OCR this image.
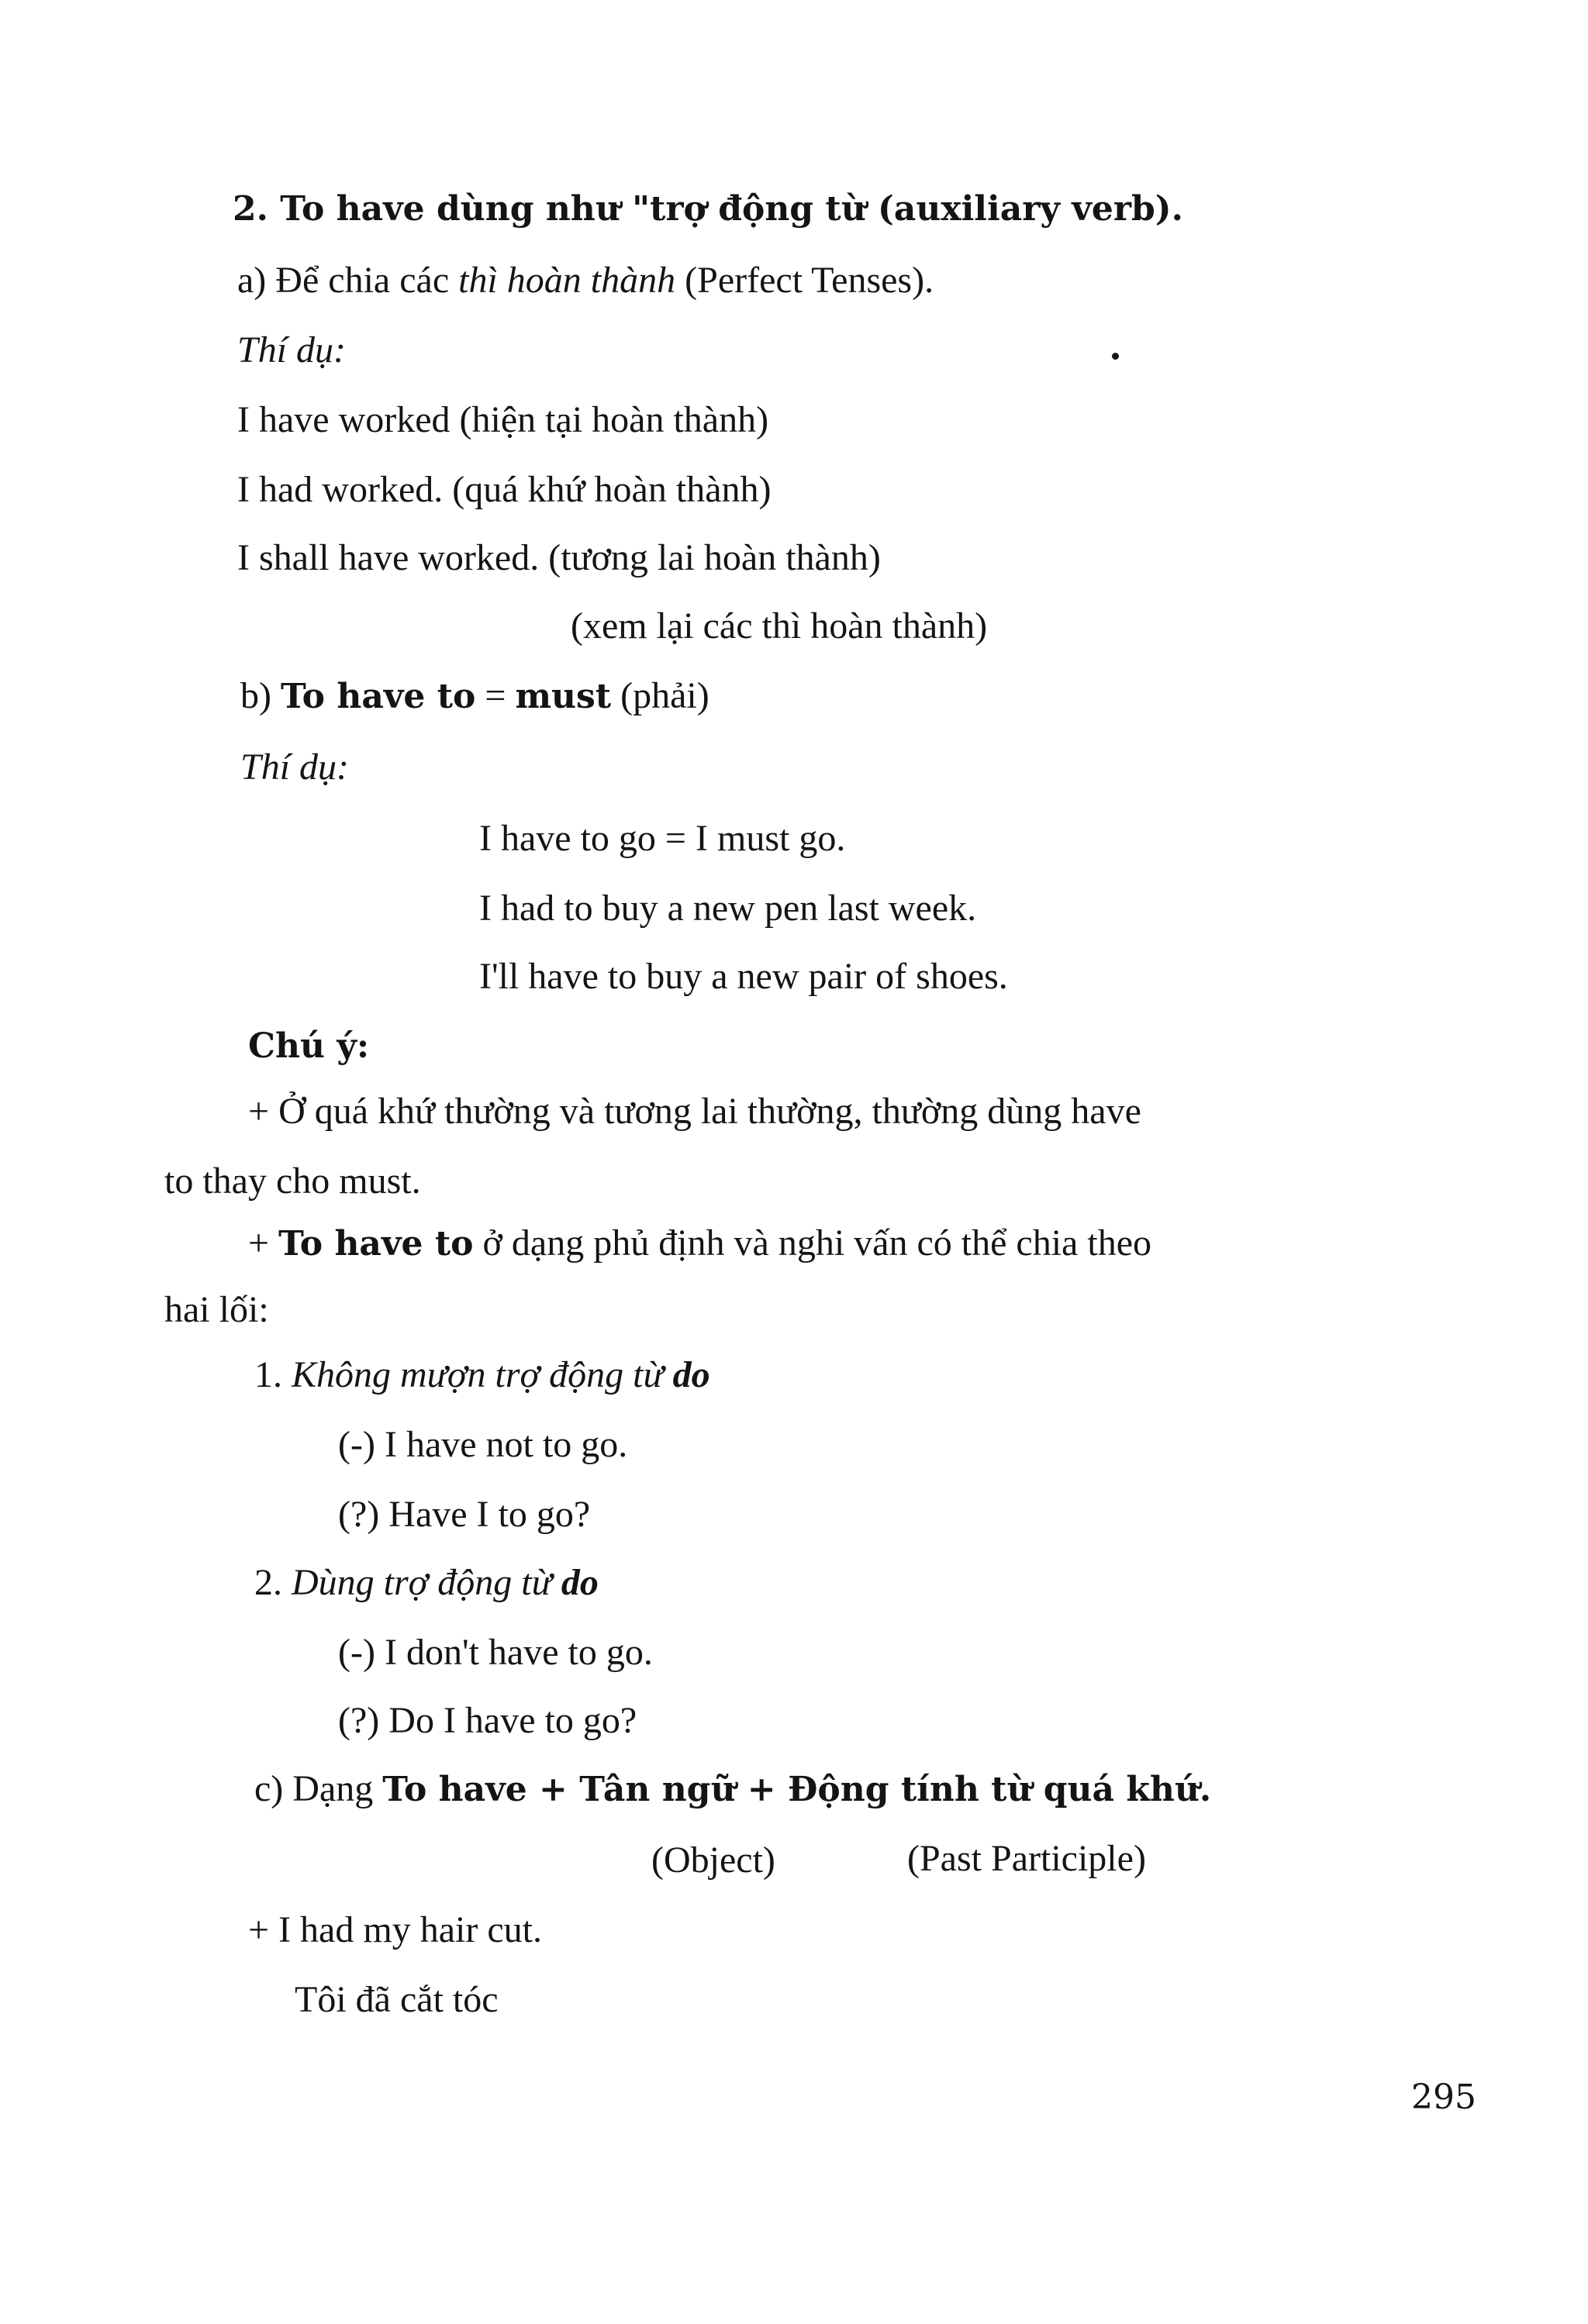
2. To have dùng như "trợ động từ (auxiliary verb).
a) Để chia các thì hoàn thành (Perfect Tenses).
Thí dụ:
I have worked (hiện tại hoàn thành)
I had worked. (quá khứ hoàn thành)
I shall have worked. (tương lai hoàn thành)
(xem lại các thì hoàn thành)
b) To have to = must (phải)
Thí dụ:
I have to go = I must go.
I had to buy a new pen last week.
I'll have to buy a new pair of shoes.
Chú ý:
+ Ở quá khứ thường và tương lai thường, thường dùng have
to thay cho must.
+ To have to ở dạng phủ định và nghi vấn có thể chia theo
hai lối:
1. Không mượn trợ động từ do
(-) I have not to go.
(?) Have I to go?
2. Dùng trợ động từ do
(-) I don't have to go.
(?) Do I have to go?
c) Dạng To have + Tân ngữ + Động tính từ quá khứ.
(Object)	(Past Participle)
+ I had my hair cut.
Tôi đã cắt tóc
295
